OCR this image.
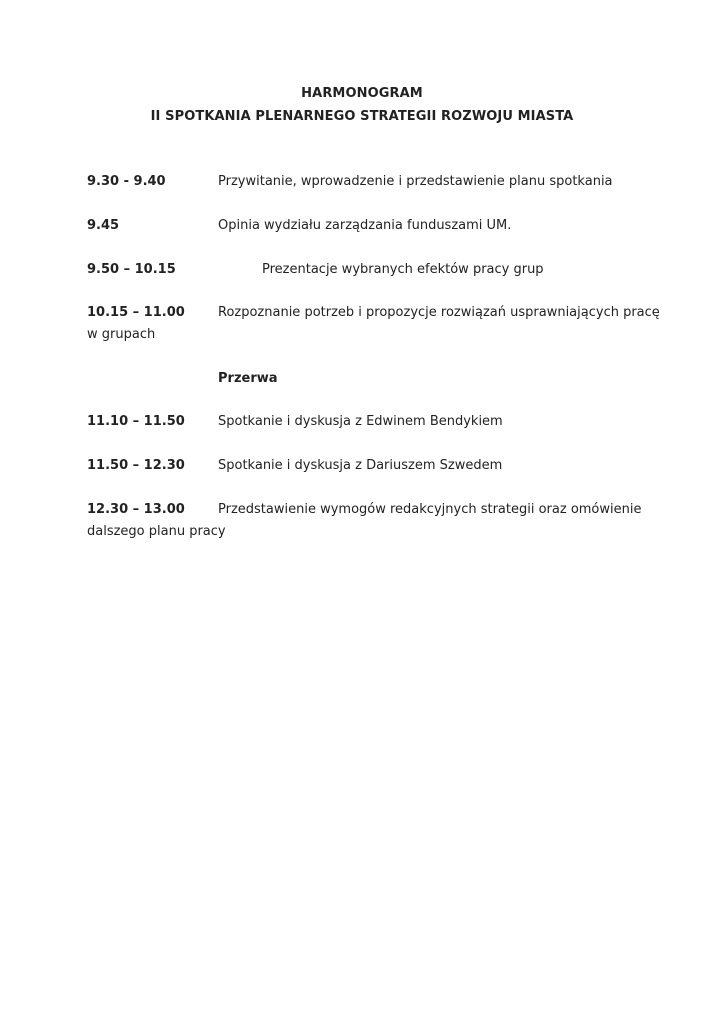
HARMONOGRAM
II SPOTKANIA PLENARNEGO STRATEGII ROZWOJU MIASTA
9.30 - 9.40	Przywitanie, wprowadzenie i przedstawienie planu spotkania
9.45	Opinia wydziału zarządzania funduszami UM.
9.50 – 10.15	Prezentacje wybranych efektów pracy grup
10.15 – 11.00	Rozpoznanie potrzeb i propozycje rozwiązań usprawniających pracę
w grupach
Przerwa
11.10 – 11.50	Spotkanie i dyskusja z Edwinem Bendykiem
11.50 – 12.30	Spotkanie i dyskusja z Dariuszem Szwedem
12.30 – 13.00	Przedstawienie wymogów redakcyjnych strategii oraz omówienie
dalszego planu pracy
